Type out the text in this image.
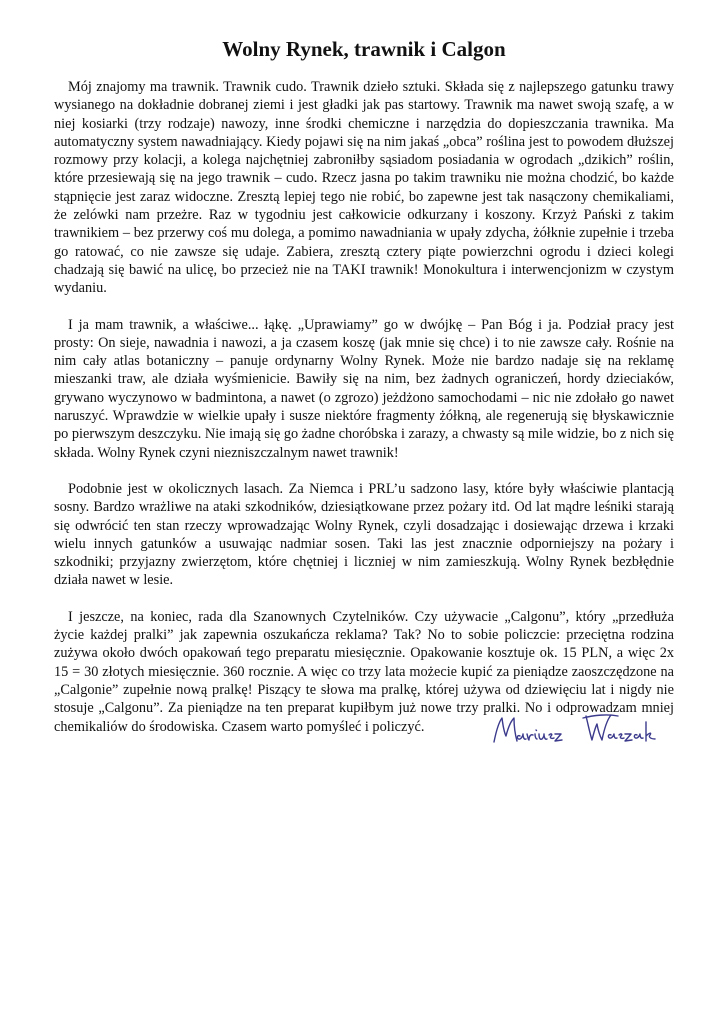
Wolny Rynek, trawnik i Calgon

Mój znajomy ma trawnik. Trawnik cudo. Trawnik dzieło sztuki. Składa się z najlepszego gatunku trawy wysianego na dokładnie dobranej ziemi i jest gładki jak pas startowy. Trawnik ma nawet swoją szafę, a w niej kosiarki (trzy rodzaje) nawozy, inne środki chemiczne i narzędzia do dopieszczania trawnika. Ma automatyczny system nawadniający. Kiedy pojawi się na nim jakaś „obca” roślina jest to powodem dłuższej rozmowy przy kolacji, a kolega najchętniej zabroniłby sąsiadom posiadania w ogrodach „dzikich” roślin, które przesiewają się na jego trawnik – cudo. Rzecz jasna po takim trawniku nie można chodzić, bo każde stąpnięcie jest zaraz widoczne. Zresztą lepiej tego nie robić, bo zapewne jest tak nasączony chemikaliami, że zelówki nam przeżre. Raz w tygodniu jest całkowicie odkurzany i koszony. Krzyż Pański z takim trawnikiem – bez przerwy coś mu dolega, a pomimo nawadniania w upały zdycha, żółknie zupełnie i trzeba go ratować, co nie zawsze się udaje. Zabiera, zresztą cztery piąte powierzchni ogrodu i dzieci kolegi chadzają się bawić na ulicę, bo przecież nie na TAKI trawnik! Monokultura i interwencjonizm w czystym wydaniu.

I ja mam trawnik, a właściwe... łąkę. „Uprawiamy” go w dwójkę – Pan Bóg i ja. Podział pracy jest prosty: On sieje, nawadnia i nawozi, a ja czasem koszę (jak mnie się chce) i to nie zawsze cały. Rośnie na nim cały atlas botaniczny – panuje ordynarny Wolny Rynek. Może nie bardzo nadaje się na reklamę mieszanki traw, ale działa wyśmienicie. Bawiły się na nim, bez żadnych ograniczeń, hordy dzieciaków, grywano wyczynowo w badmintona, a nawet (o zgrozo) jeżdżono samochodami – nic nie zdołało go nawet naruszyć. Wprawdzie w wielkie upały i susze niektóre fragmenty żółkną, ale regenerują się błyskawicznie po pierwszym deszczyku. Nie imają się go żadne choróbska i zarazy, a chwasty są mile widzie, bo z nich się składa. Wolny Rynek czyni niezniszczalnym nawet trawnik!

Podobnie jest w okolicznych lasach. Za Niemca i PRL’u sadzono lasy, które były właściwie plantacją sosny. Bardzo wrażliwe na ataki szkodników, dziesiątkowane przez pożary itd. Od lat mądre leśniki starają się odwrócić ten stan rzeczy wprowadzając Wolny Rynek, czyli dosadzając i dosiewając drzewa i krzaki wielu innych gatunków a usuwając nadmiar sosen. Taki las jest znacznie odporniejszy na pożary i szkodniki; przyjazny zwierzętom, które chętniej i liczniej w nim zamieszkują. Wolny Rynek bezbłędnie działa nawet w lesie.

I jeszcze, na koniec, rada dla Szanownych Czytelników. Czy używacie „Calgonu”, który „przedłuża życie każdej pralki” jak zapewnia oszukańcza reklama? Tak? No to sobie policzcie: przeciętna rodzina zużywa około dwóch opakowań tego preparatu miesięcznie. Opakowanie kosztuje ok. 15 PLN, a więc 2x 15 = 30 złotych miesięcznie. 360 rocznie. A więc co trzy lata możecie kupić za pieniądze zaoszczędzone na „Calgonie” zupełnie nową pralkę! Piszący te słowa ma pralkę, której używa od dziewięciu lat i nigdy nie stosuje „Calgonu”. Za pieniądze na ten preparat kupiłbym już nowe trzy pralki. No i odprowadzam mniej chemikaliów do środowiska. Czasem warto pomyśleć i policzyć.
